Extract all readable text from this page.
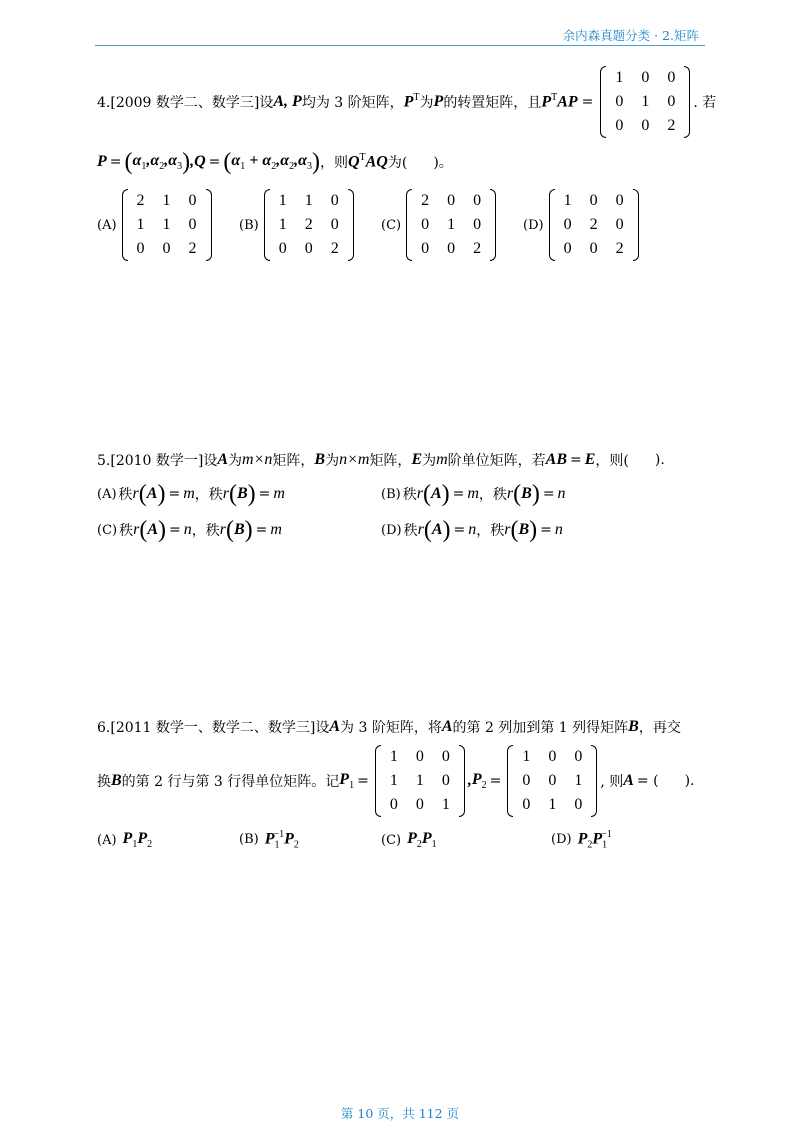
余内森真题分类 · 2.矩阵
4.[2009 数学二、数学三]设 A, P 均为 3 阶矩阵， $P^T$ 为 P 的转置矩阵，且 $P^TAP$ =
1	0	0
0	1	0
0	0	2
. 若
P = ( $\alpha_1,\alpha_2,\alpha_3$ ) , Q = ( $\alpha_1 + \alpha_2,\alpha_2,\alpha_3$ ) ，则 $Q^TAQ$ 为( )。
(A)
2	1	0
1	1	0
0	0	2
(B)
1	1	0
1	2	0
0	0	2
(C)
2	0	0
0	1	0
0	0	2
(D)
1	0	0
0	2	0
0	0	2
5.[2010 数学一]设 A 为 m×n 矩阵， B 为 n×m 矩阵， E 为 m 阶单位矩阵，若 AB = E ，则( ).
(A) 秩 r ( A ) = m ， 秩 r ( B ) = m	(B) 秩 r ( A ) = m ， 秩 r ( B ) = n
(C) 秩 r ( A ) = n ， 秩 r ( B ) = m	(D) 秩 r ( A ) = n ， 秩 r ( B ) = n
6.[2011 数学一、数学二、数学三]设 A 为 3 阶矩阵，将 A 的第 2 列加到第 1 列得矩阵 B ，再交
换 B 的第 2 行与第 3 行得单位矩阵。记 $P_1$ =
1	0	0
1	1	0
0	0	1
, $P_2$ =
1	0	0
0	0	1
0	1	0
, 则 A = ( ).
(A) $P_1P_2$	(B) $P_1^{-1}P_2$	(C) $P_2P_1$	(D) $P_2P_1^{-1}$
第 10 页，共 112 页
